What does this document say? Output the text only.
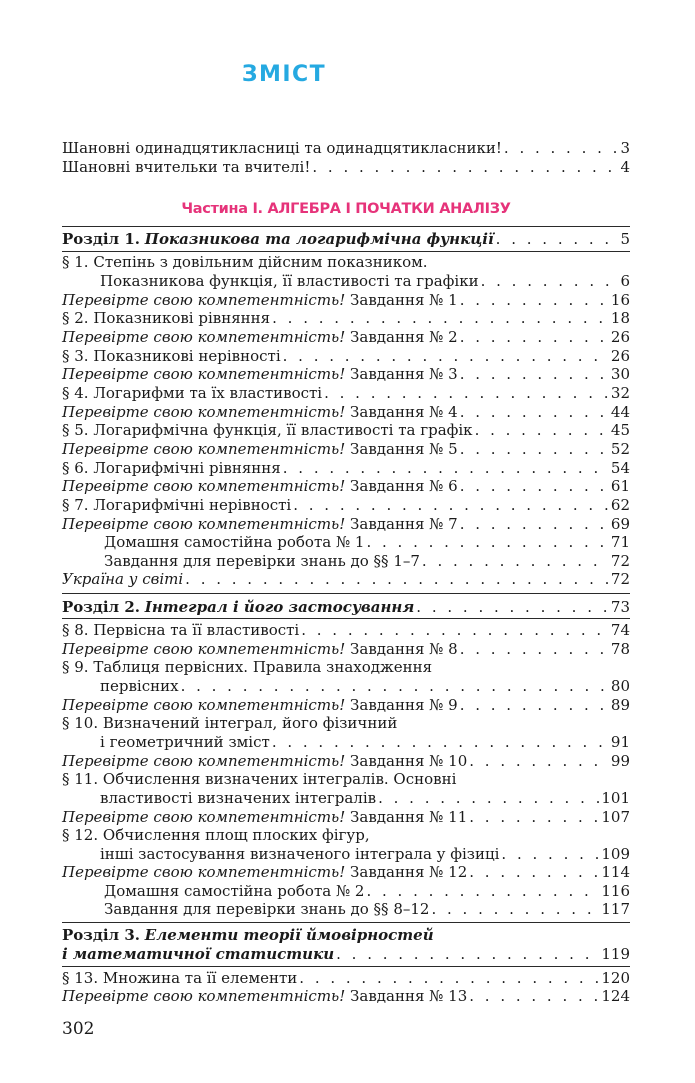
ЗМІСТ
Шановні одинадцятикласниці та одинадцятикласники! . . .	3
Шановні вчительки та вчителі! . . .	4
Частина І. АЛГЕБРА І ПОЧАТКИ АНАЛІЗУ
Розділ 1. Показникова та логарифмічна функції . . .	5
§ 1. Степінь з довільним дійсним показником.
Показникова функція, її властивості та графіки . . .	6
Перевірте свою компетентність! Завдання № 1 . . .	16
§ 2. Показникові рівняння . . .	18
Перевірте свою компетентність! Завдання № 2 . . .	26
§ 3. Показникові нерівності . . .	26
Перевірте свою компетентність! Завдання № 3 . . .	30
§ 4. Логарифми та їх властивості . . .	32
Перевірте свою компетентність! Завдання № 4 . . .	44
§ 5. Логарифмічна функція, її властивості та графік . . .	45
Перевірте свою компетентність! Завдання № 5 . . .	52
§ 6. Логарифмічні рівняння . . .	54
Перевірте свою компетентність! Завдання № 6 . . .	61
§ 7. Логарифмічні нерівності . . .	62
Перевірте свою компетентність! Завдання № 7 . . .	69
Домашня самостійна робота № 1 . . .	71
Завдання для перевірки знань до §§ 1–7 . . .	72
Україна у світі . . .	72
Розділ 2. Інтеграл і його застосування . . .	73
§ 8. Первісна та її властивості . . .	74
Перевірте свою компетентність! Завдання № 8 . . .	78
§ 9. Таблиця первісних. Правила знаходження
первісних . . .	80
Перевірте свою компетентність! Завдання № 9 . . .	89
§ 10. Визначений інтеграл, його фізичний
і геометричний зміст . . .	91
Перевірте свою компетентність! Завдання № 10 . . .	99
§ 11. Обчислення визначених інтегралів. Основні
властивості визначених інтегралів . . .	101
Перевірте свою компетентність! Завдання № 11 . . .	107
§ 12. Обчислення площ плоских фігур,
інші застосування визначеного інтеграла у фізиці . . .	109
Перевірте свою компетентність! Завдання № 12 . . .	114
Домашня самостійна робота № 2 . . .	116
Завдання для перевірки знань до §§ 8–12 . . .	117
Розділ 3. Елементи теорії ймовірностей
і математичної статистики . . .	119
§ 13. Множина та її елементи . . .	120
Перевірте свою компетентність! Завдання № 13 . . .	124
302
